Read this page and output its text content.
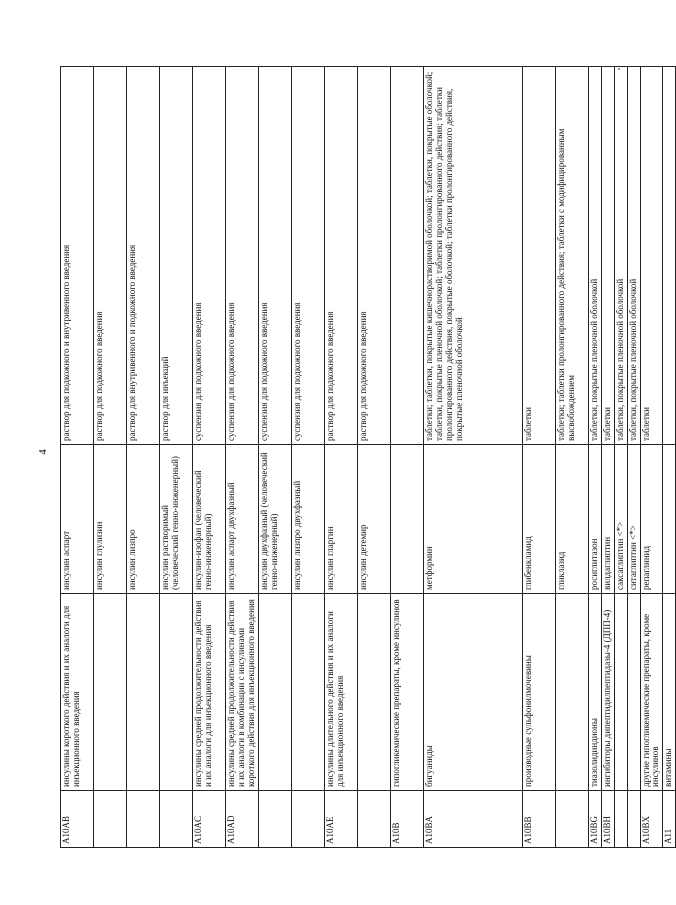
4
A10AB	инсулины короткого действия и их аналоги для инъекционного введения	инсулин аспарт	раствор для подкожного и внутривенного введения
		инсулин глулизин	раствор для подкожного введения
		инсулин лизпро	раствор для внутривенного и подкожного введения
		инсулин растворимый (человеческий генно-инженерный)	раствор для инъекций
A10AC	инсулины средней продолжительности действия и их аналоги для инъекционного введения	инсулин-изофан (человеческий генно-инженерный)	суспензия для подкожного введения
A10AD	инсулины средней продолжительности действия и их аналоги в комбинации с инсулинами короткого действия для инъекционного введения	инсулин аспарт двухфазный	суспензия для подкожного введения
		инсулин двухфазный (человеческий генно-инженерный)	суспензия для подкожного введения
		инсулин лизпро двухфазный	суспензия для подкожного введения
A10AE	инсулины длительного действия и их аналоги для инъекционного введения	инсулин гларгин	раствор для подкожного введения
		инсулин детемир	раствор для подкожного введения
A10B	гипогликемические препараты, кроме инсулинов		
A10BA	бигуаниды	метформин	таблетки; таблетки, покрытые кишечнорастворимой оболочкой; таблетки, покрытые оболочкой; таблетки, покрытые пленочной оболочкой; таблетки пролонгированного действия; таблетки пролонгированного действия, покрытые оболочкой; таблетки пролонгированного действия, покрытые пленочной оболочкой
A10BB	производные сульфонилмочевины	глибенкламид	таблетки
		гликлазид	таблетки; таблетки пролонгированного действия; таблетки с модифицированным высвобождением
A10BG	тиазолидиндионы	росиглитазон	таблетки, покрытые пленочной оболочкой
A10BH	ингибиторы дипептидилпептидазы-4 (ДПП-4)	вилдаглиптин	таблетки
		саксаглиптин <*>	таблетки, покрытые пленочной оболочкой
		ситаглиптин <*>	таблетки, покрытые пленочной оболочкой
A10BX	другие гипогликемические препараты, кроме инсулинов	репаглинид	таблетки
A11	витамины		
